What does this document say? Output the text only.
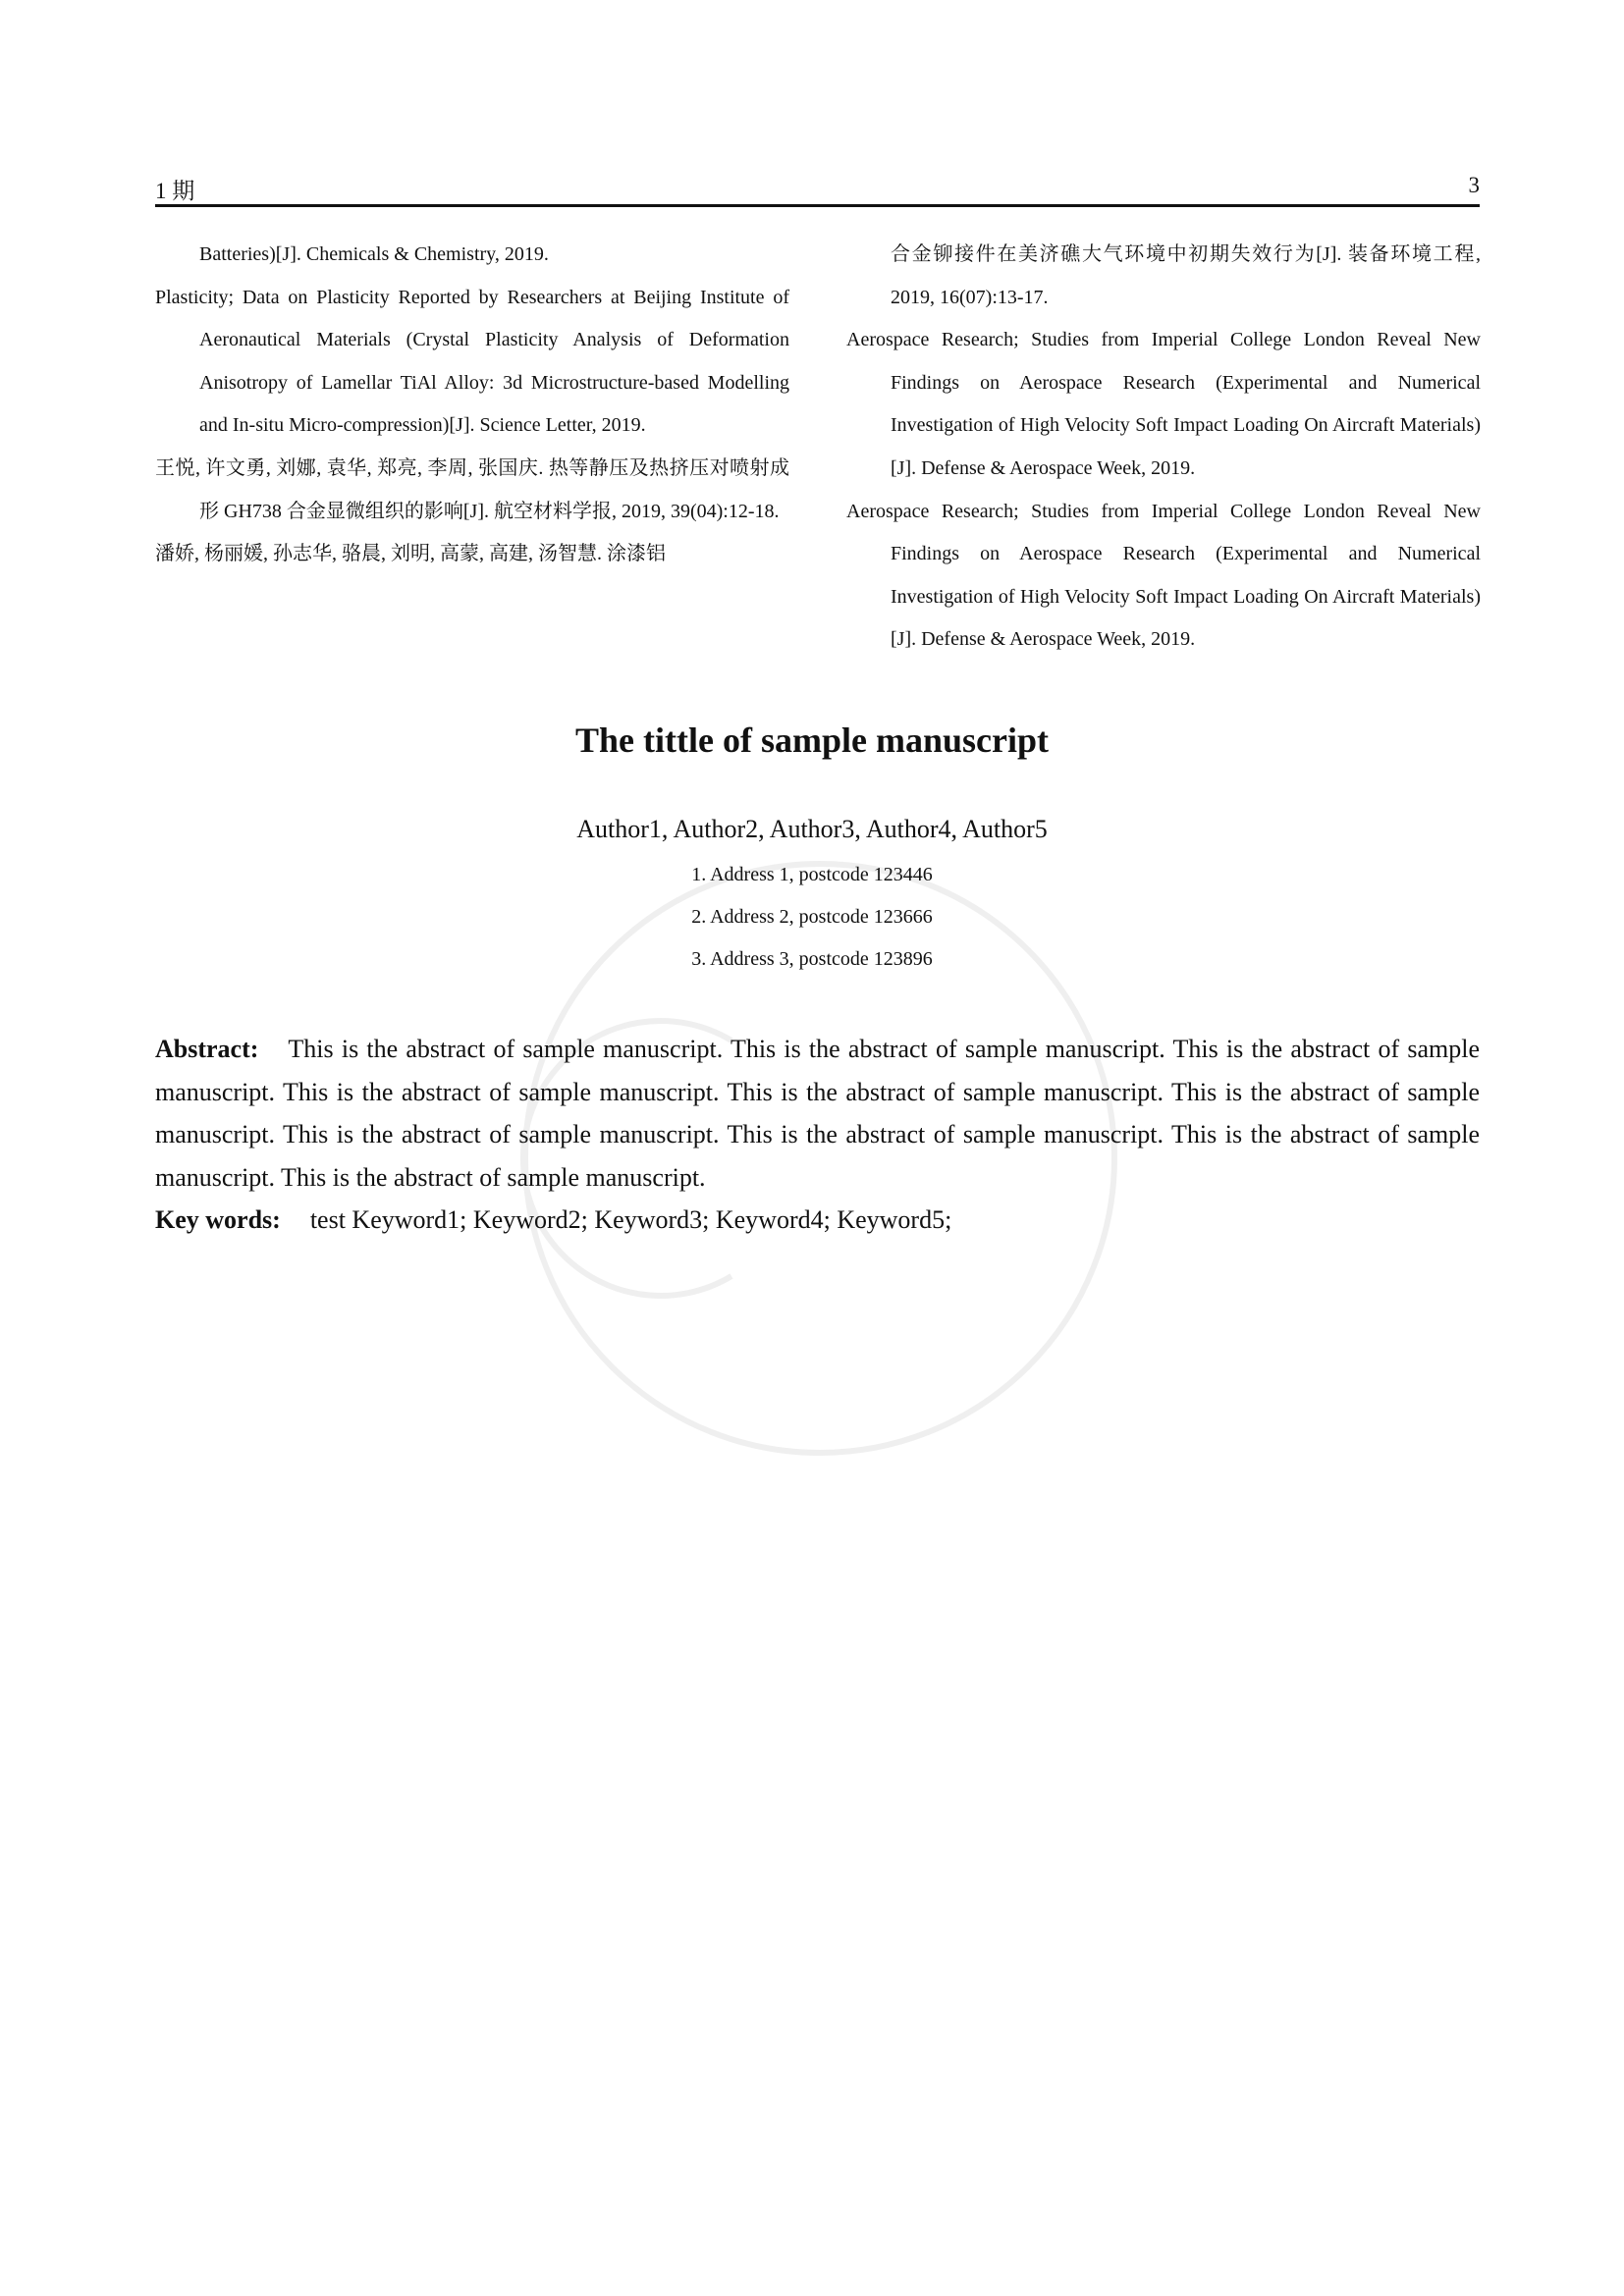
1 期	3

Batteries)[J]. Chemicals & Chemistry, 2019.

Plasticity; Data on Plasticity Reported by Researchers at Beijing Institute of Aeronautical Materials (Crystal Plasticity Analysis of Deformation Anisotropy of Lamellar TiAl Alloy: 3d Microstructure-based Modelling and In-situ Micro-compression)[J]. Science Letter, 2019.

王悦, 许文勇, 刘娜, 袁华, 郑亮, 李周, 张国庆. 热等静压及热挤压对喷射成形 GH738 合金显微组织的影响[J]. 航空材料学报, 2019, 39(04):12-18.

潘娇, 杨丽媛, 孙志华, 骆晨, 刘明, 高蒙, 高建, 汤智慧. 涂漆铝

合金铆接件在美济礁大气环境中初期失效行为[J]. 装备环境工程, 2019, 16(07):13-17.

Aerospace Research; Studies from Imperial College London Reveal New Findings on Aerospace Research (Experimental and Numerical Investigation of High Velocity Soft Impact Loading On Aircraft Materials)[J]. Defense & Aerospace Week, 2019.

Aerospace Research; Studies from Imperial College London Reveal New Findings on Aerospace Research (Experimental and Numerical Investigation of High Velocity Soft Impact Loading On Aircraft Materials)[J]. Defense & Aerospace Week, 2019.

The tittle of sample manuscript
Author1, Author2, Author3, Author4, Author5
1. Address 1, postcode 123446
2. Address 2, postcode 123666
3. Address 3, postcode 123896

Abstract: This is the abstract of sample manuscript. This is the abstract of sample manuscript. This is the abstract of sample manuscript. This is the abstract of sample manuscript. This is the abstract of sample manuscript. This is the abstract of sample manuscript. This is the abstract of sample manuscript. This is the abstract of sample manuscript. This is the abstract of sample manuscript. This is the abstract of sample manuscript.

Key words: test Keyword1; Keyword2; Keyword3; Keyword4; Keyword5;
